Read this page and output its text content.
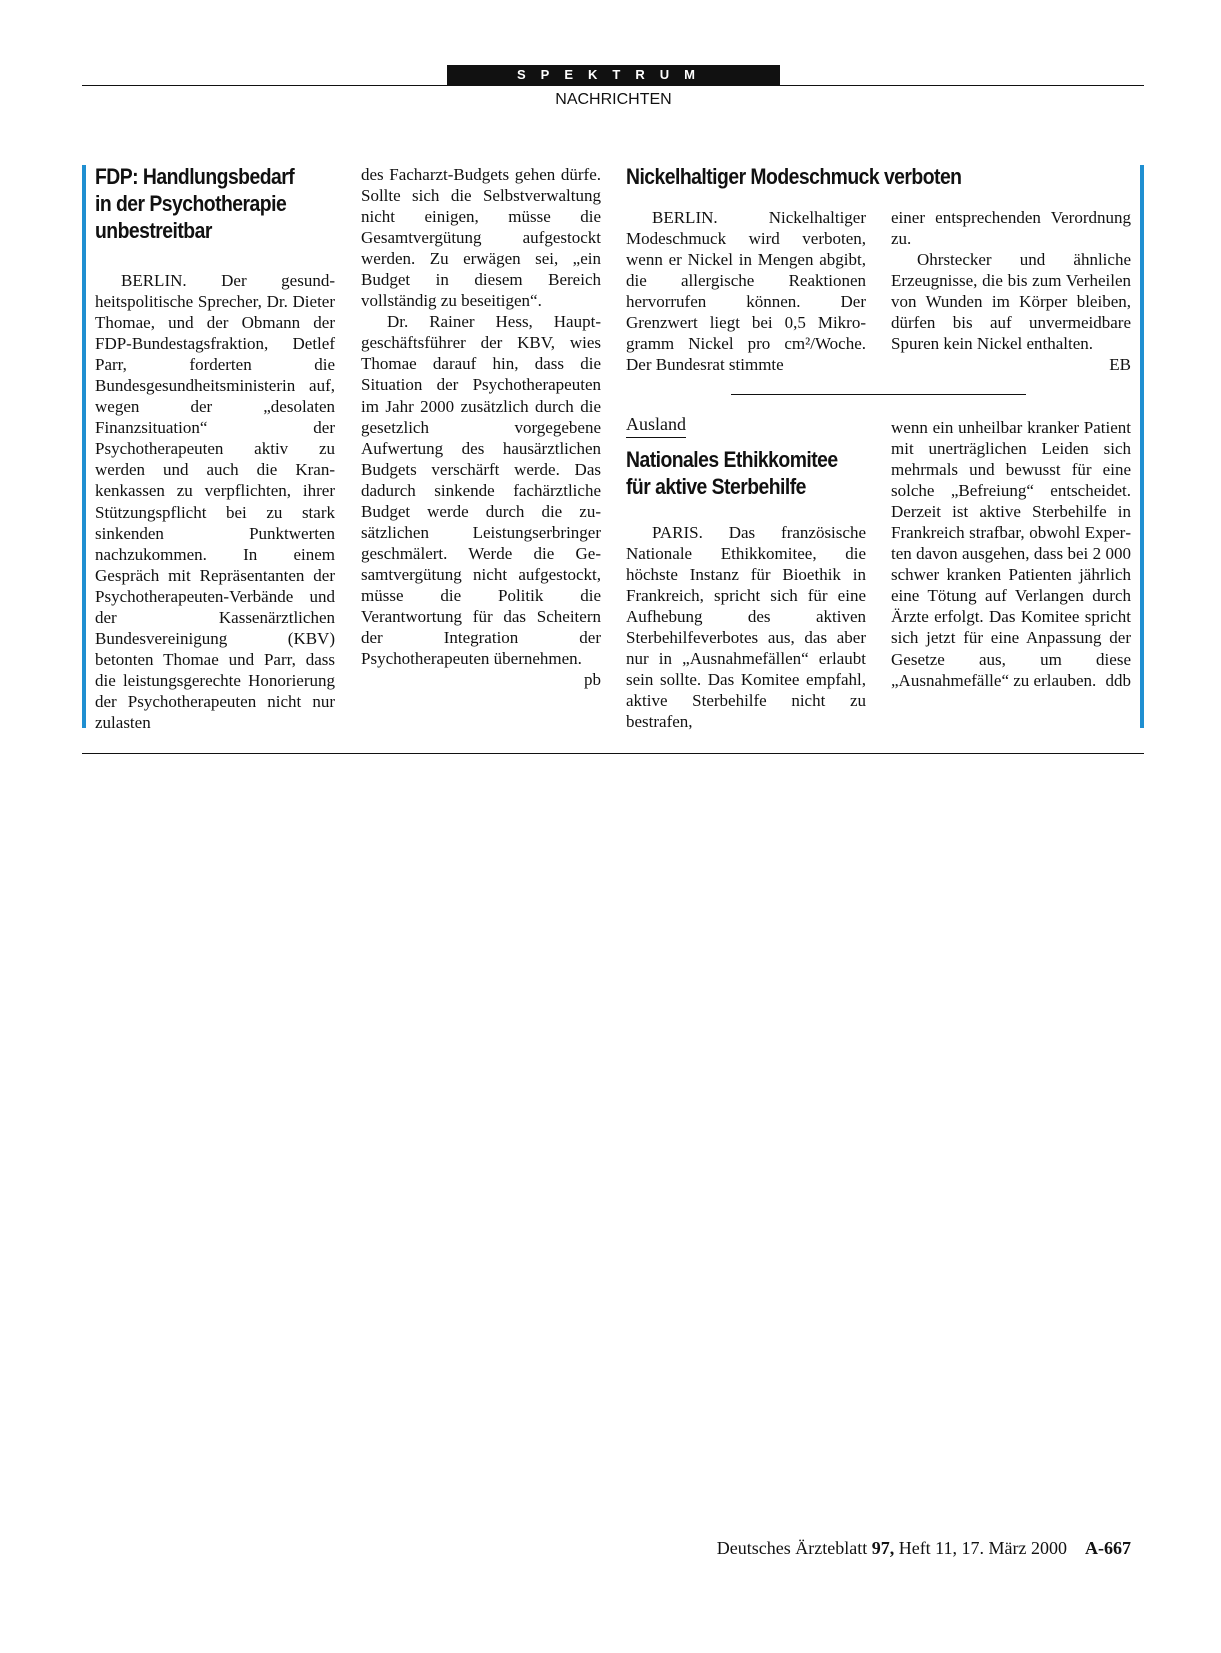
SPEKTRUM
NACHRICHTEN
FDP: Handlungsbedarf
in der Psychotherapie
unbestreitbar

BERLIN. Der gesundheitspolitische Sprecher, Dr. Dieter Thomae, und der Obmann der FDP-Bundestagsfraktion, Detlef Parr, forderten die Bundesgesundheitsministerin auf, wegen der „desolaten Finanzsituation“ der Psychotherapeuten aktiv zu werden und auch die Krankenkassen zu verpflichten, ihrer Stützungspflicht bei zu stark sinkenden Punktwerten nachzukommen. In einem Gespräch mit Repräsentanten der Psychotherapeuten-Verbände und der Kassenärztlichen Bundesvereinigung (KBV) betonten Thomae und Parr, dass die leistungsgerechte Honorierung der Psychotherapeuten nicht nur zulasten

des Facharzt-Budgets gehen dürfe. Sollte sich die Selbstverwaltung nicht einigen, müsse die Gesamtvergütung aufgestockt werden. Zu erwägen sei, „ein Budget in diesem Bereich vollständig zu beseitigen“.

Dr. Rainer Hess, Hauptgeschäftsführer der KBV, wies Thomae darauf hin, dass die Situation der Psychotherapeuten im Jahr 2000 zusätzlich durch die gesetzlich vorgegebene Aufwertung des hausärztlichen Budgets verschärft werde. Das dadurch sinkende fachärztliche Budget werde durch die zusätzlichen Leistungserbringer geschmälert. Werde die Gesamtvergütung nicht aufgestockt, müsse die Politik die Verantwortung für das Scheitern der Integration der Psychotherapeuten übernehmen.
pb

Nickelhaltiger Modeschmuck verboten

BERLIN. Nickelhaltiger Modeschmuck wird verboten, wenn er Nickel in Mengen abgibt, die allergische Reaktionen hervorrufen können. Der Grenzwert liegt bei 0,5 Mikrogramm Nickel pro cm²/Woche. Der Bundesrat stimmte

einer entsprechenden Verordnung zu.

Ohrstecker und ähnliche Erzeugnisse, die bis zum Verheilen von Wunden im Körper bleiben, dürfen bis auf unvermeidbare Spuren kein Nickel enthalten.
EB

Ausland
Nationales Ethikkomitee
für aktive Sterbehilfe

PARIS. Das französische Nationale Ethikkomitee, die höchste Instanz für Bioethik in Frankreich, spricht sich für eine Aufhebung des aktiven Sterbehilfeverbotes aus, das aber nur in „Ausnahmefällen“ erlaubt sein sollte. Das Komitee empfahl, aktive Sterbehilfe nicht zu bestrafen,

wenn ein unheilbar kranker Patient mit unerträglichen Leiden sich mehrmals und bewusst für eine solche „Befreiung“ entscheidet. Derzeit ist aktive Sterbehilfe in Frankreich strafbar, obwohl Experten davon ausgehen, dass bei 2 000 schwer kranken Patienten jährlich eine Tötung auf Verlangen durch Ärzte erfolgt. Das Komitee spricht sich jetzt für eine Anpassung der Gesetze aus, um diese „Ausnahmefälle“ zu erlauben. ddb

Deutsches Ärzteblatt 97, Heft 11, 17. März 2000 A-667
